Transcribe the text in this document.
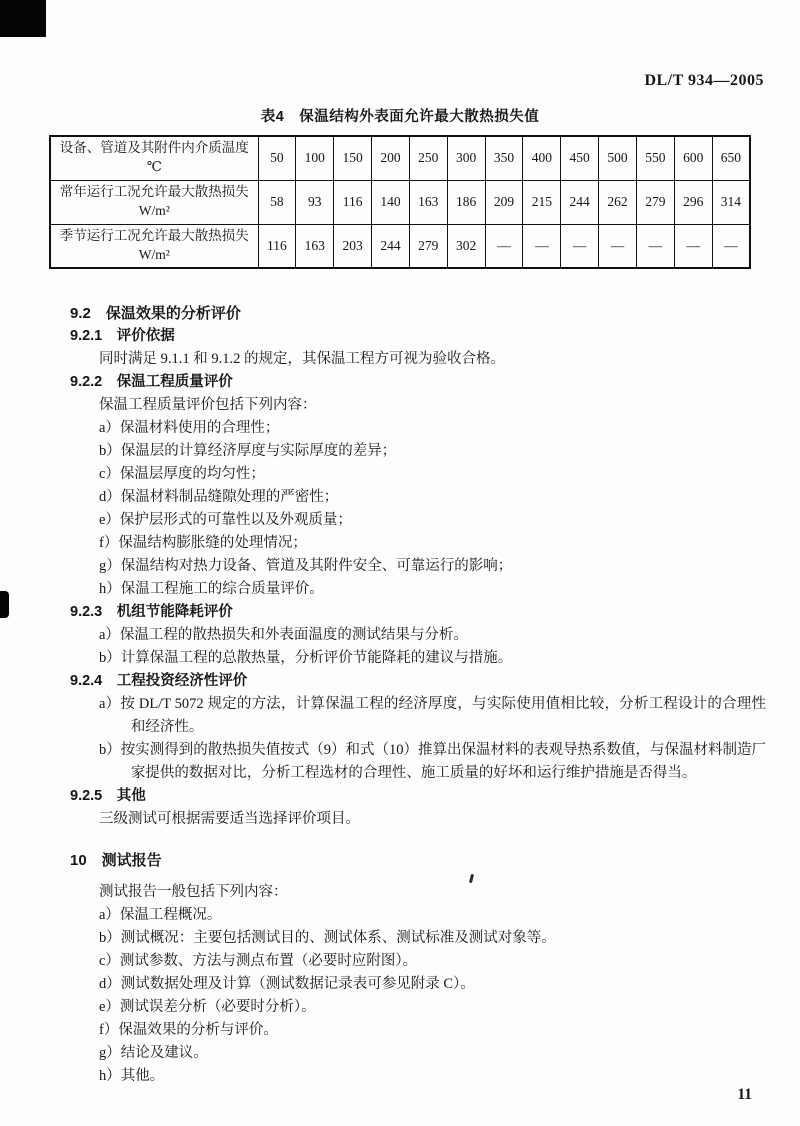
DL/T 934—2005
表4　保温结构外表面允许最大散热损失值
设备、管道及其附件内介质温度
℃	50	100	150	200	250	300	350	400	450	500	550	600	650

常年运行工况允许最大散热损失
W/m²	58	93	116	140	163	186	209	215	244	262	279	296	314

季节运行工况允许最大散热损失
W/m²	116	163	203	244	279	302	—	—	—	—	—	—	—
9.2　保温效果的分析评价
9.2.1　评价依据
同时满足 9.1.1 和 9.1.2 的规定，其保温工程方可视为验收合格。
9.2.2　保温工程质量评价
保温工程质量评价包括下列内容：
a）保温材料使用的合理性；
b）保温层的计算经济厚度与实际厚度的差异；
c）保温层厚度的均匀性；
d）保温材料制品缝隙处理的严密性；
e）保护层形式的可靠性以及外观质量；
f）保温结构膨胀缝的处理情况；
g）保温结构对热力设备、管道及其附件安全、可靠运行的影响；
h）保温工程施工的综合质量评价。
9.2.3　机组节能降耗评价
a）保温工程的散热损失和外表面温度的测试结果与分析。
b）计算保温工程的总散热量，分析评价节能降耗的建议与措施。
9.2.4　工程投资经济性评价
a）按 DL/T 5072 规定的方法，计算保温工程的经济厚度，与实际使用值相比较，分析工程设计的合理性和经济性。
b）按实测得到的散热损失值按式（9）和式（10）推算出保温材料的表观导热系数值，与保温材料制造厂家提供的数据对比，分析工程选材的合理性、施工质量的好坏和运行维护措施是否得当。
9.2.5　其他
三级测试可根据需要适当选择评价项目。
10　测试报告
测试报告一般包括下列内容：
a）保温工程概况。
b）测试概况：主要包括测试目的、测试体系、测试标准及测试对象等。
c）测试参数、方法与测点布置（必要时应附图）。
d）测试数据处理及计算（测试数据记录表可参见附录 C）。
e）测试误差分析（必要时分析）。
f）保温效果的分析与评价。
g）结论及建议。
h）其他。
11
